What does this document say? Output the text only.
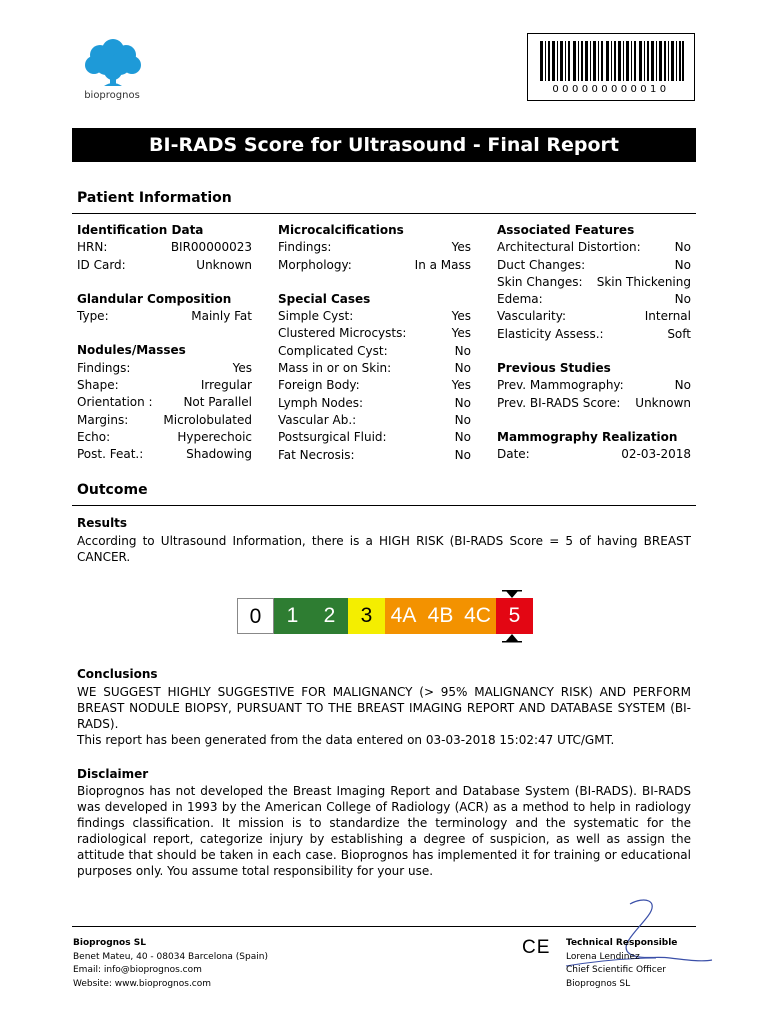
bioprognos
000000000010
BI-RADS Score for Ultrasound - Final Report
Patient Information
Identification Data
HRN:	BIR00000023
ID Card:	Unknown
Glandular Composition
Type:	Mainly Fat
Nodules/Masses
Findings:	Yes
Shape:	Irregular
Orientation :	Not Parallel
Margins:	Microlobulated
Echo:	Hyperechoic
Post. Feat.:	Shadowing
Microcalcifications
Findings:	Yes
Morphology:	In a Mass
Special Cases
Simple Cyst:	Yes
Clustered Microcysts:	Yes
Complicated Cyst:	No
Mass in or on Skin:	No
Foreign Body:	Yes
Lymph Nodes:	No
Vascular Ab.:	No
Postsurgical Fluid:	No
Fat Necrosis:	No
Associated Features
Architectural Distortion:	No
Duct Changes:	No
Skin Changes: Skin Thickening
Edema:	No
Vascularity:	Internal
Elasticity Assess.:	Soft
Previous Studies
Prev. Mammography:	No
Prev. BI-RADS Score: Unknown
Mammography Realization
Date:	02-03-2018
Outcome
Results
According to Ultrasound Information, there is a HIGH RISK (BI-RADS Score = 5 of having BREAST CANCER.
0	1	2	3 4A 4B 4C 5
Conclusions
WE SUGGEST HIGHLY SUGGESTIVE FOR MALIGNANCY (> 95% MALIGNANCY RISK) AND PERFORM BREAST NODULE BIOPSY, PURSUANT TO THE BREAST IMAGING REPORT AND DATABASE SYSTEM (BI-RADS).
This report has been generated from the data entered on 03-03-2018 15:02:47 UTC/GMT.
Disclaimer
Bioprognos has not developed the Breast Imaging Report and Database System (BI-RADS). BI-RADS was developed in 1993 by the American College of Radiology (ACR) as a method to help in radiology findings classification. It mission is to standardize the terminology and the systematic for the radiological report, categorize injury by establishing a degree of suspicion, as well as assign the attitude that should be taken in each case. Bioprognos has implemented it for training or educational purposes only. You assume total responsibility for your use.
Bioprognos SL
Benet Mateu, 40 - 08034 Barcelona (Spain)
Email: info@bioprognos.com
Website: www.bioprognos.com
CE Technical Responsible
Lorena Lendinez
Chief Scientific Officer
Bioprognos SL
